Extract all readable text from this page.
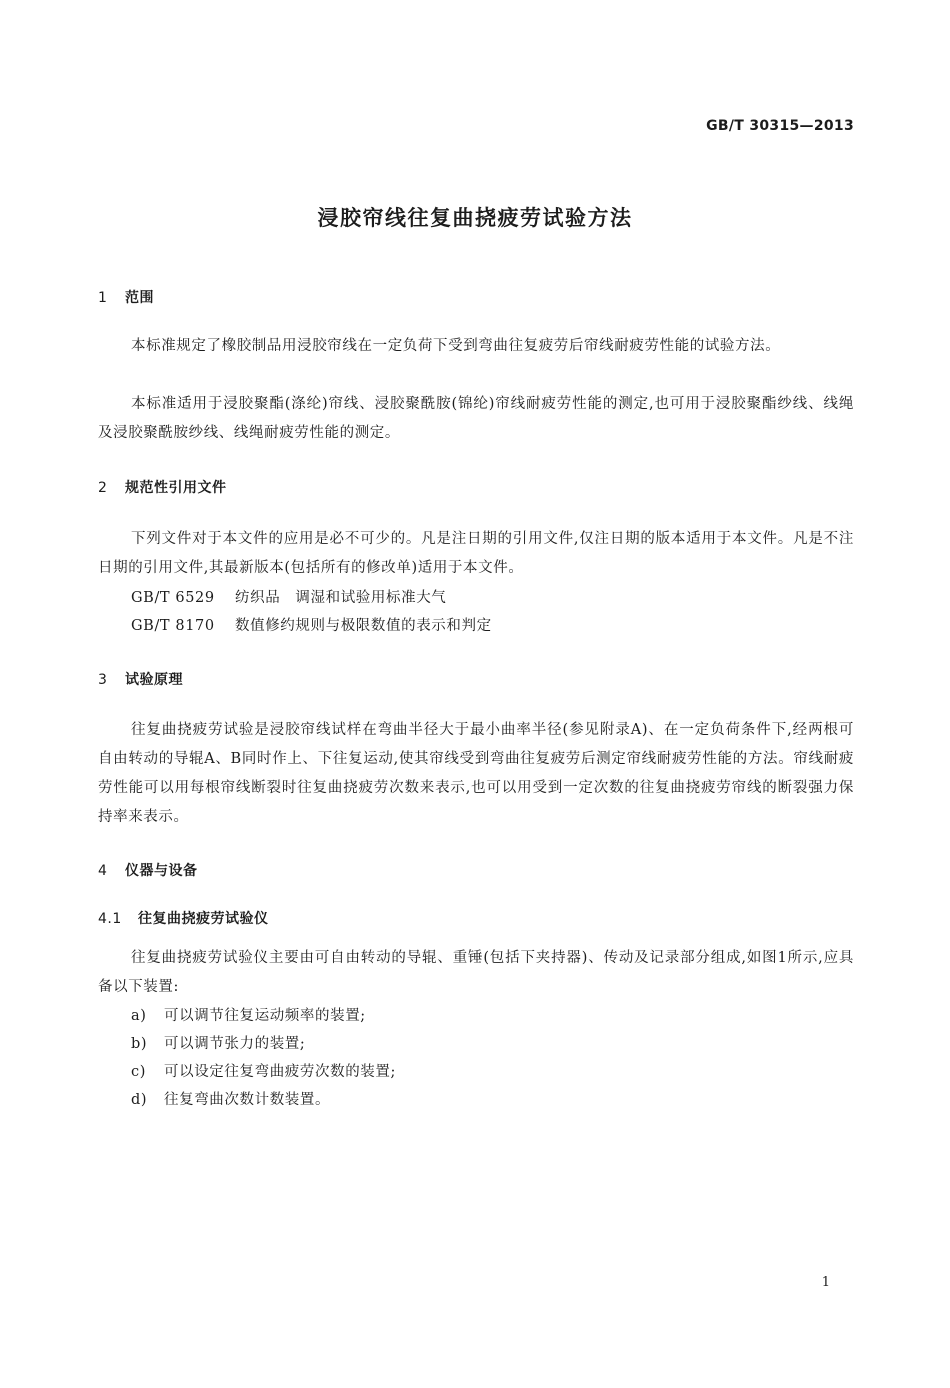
GB/T 30315—2013
浸胶帘线往复曲挠疲劳试验方法
1 范围
本标准规定了橡胶制品用浸胶帘线在一定负荷下受到弯曲往复疲劳后帘线耐疲劳性能的试验方法。
本标准适用于浸胶聚酯(涤纶)帘线、浸胶聚酰胺(锦纶)帘线耐疲劳性能的测定,也可用于浸胶聚酯纱线、线绳及浸胶聚酰胺纱线、线绳耐疲劳性能的测定。
2 规范性引用文件
下列文件对于本文件的应用是必不可少的。凡是注日期的引用文件,仅注日期的版本适用于本文件。凡是不注日期的引用文件,其最新版本(包括所有的修改单)适用于本文件。
GB/T 6529 纺织品　调湿和试验用标准大气
GB/T 8170 数值修约规则与极限数值的表示和判定
3 试验原理
往复曲挠疲劳试验是浸胶帘线试样在弯曲半径大于最小曲率半径(参见附录A)、在一定负荷条件下,经两根可自由转动的导辊A、B同时作上、下往复运动,使其帘线受到弯曲往复疲劳后测定帘线耐疲劳性能的方法。帘线耐疲劳性能可以用每根帘线断裂时往复曲挠疲劳次数来表示,也可以用受到一定次数的往复曲挠疲劳帘线的断裂强力保持率来表示。
4 仪器与设备
4.1 往复曲挠疲劳试验仪
往复曲挠疲劳试验仪主要由可自由转动的导辊、重锤(包括下夹持器)、传动及记录部分组成,如图1所示,应具备以下装置:
a) 可以调节往复运动频率的装置;
b) 可以调节张力的装置;
c) 可以设定往复弯曲疲劳次数的装置;
d) 往复弯曲次数计数装置。
1
